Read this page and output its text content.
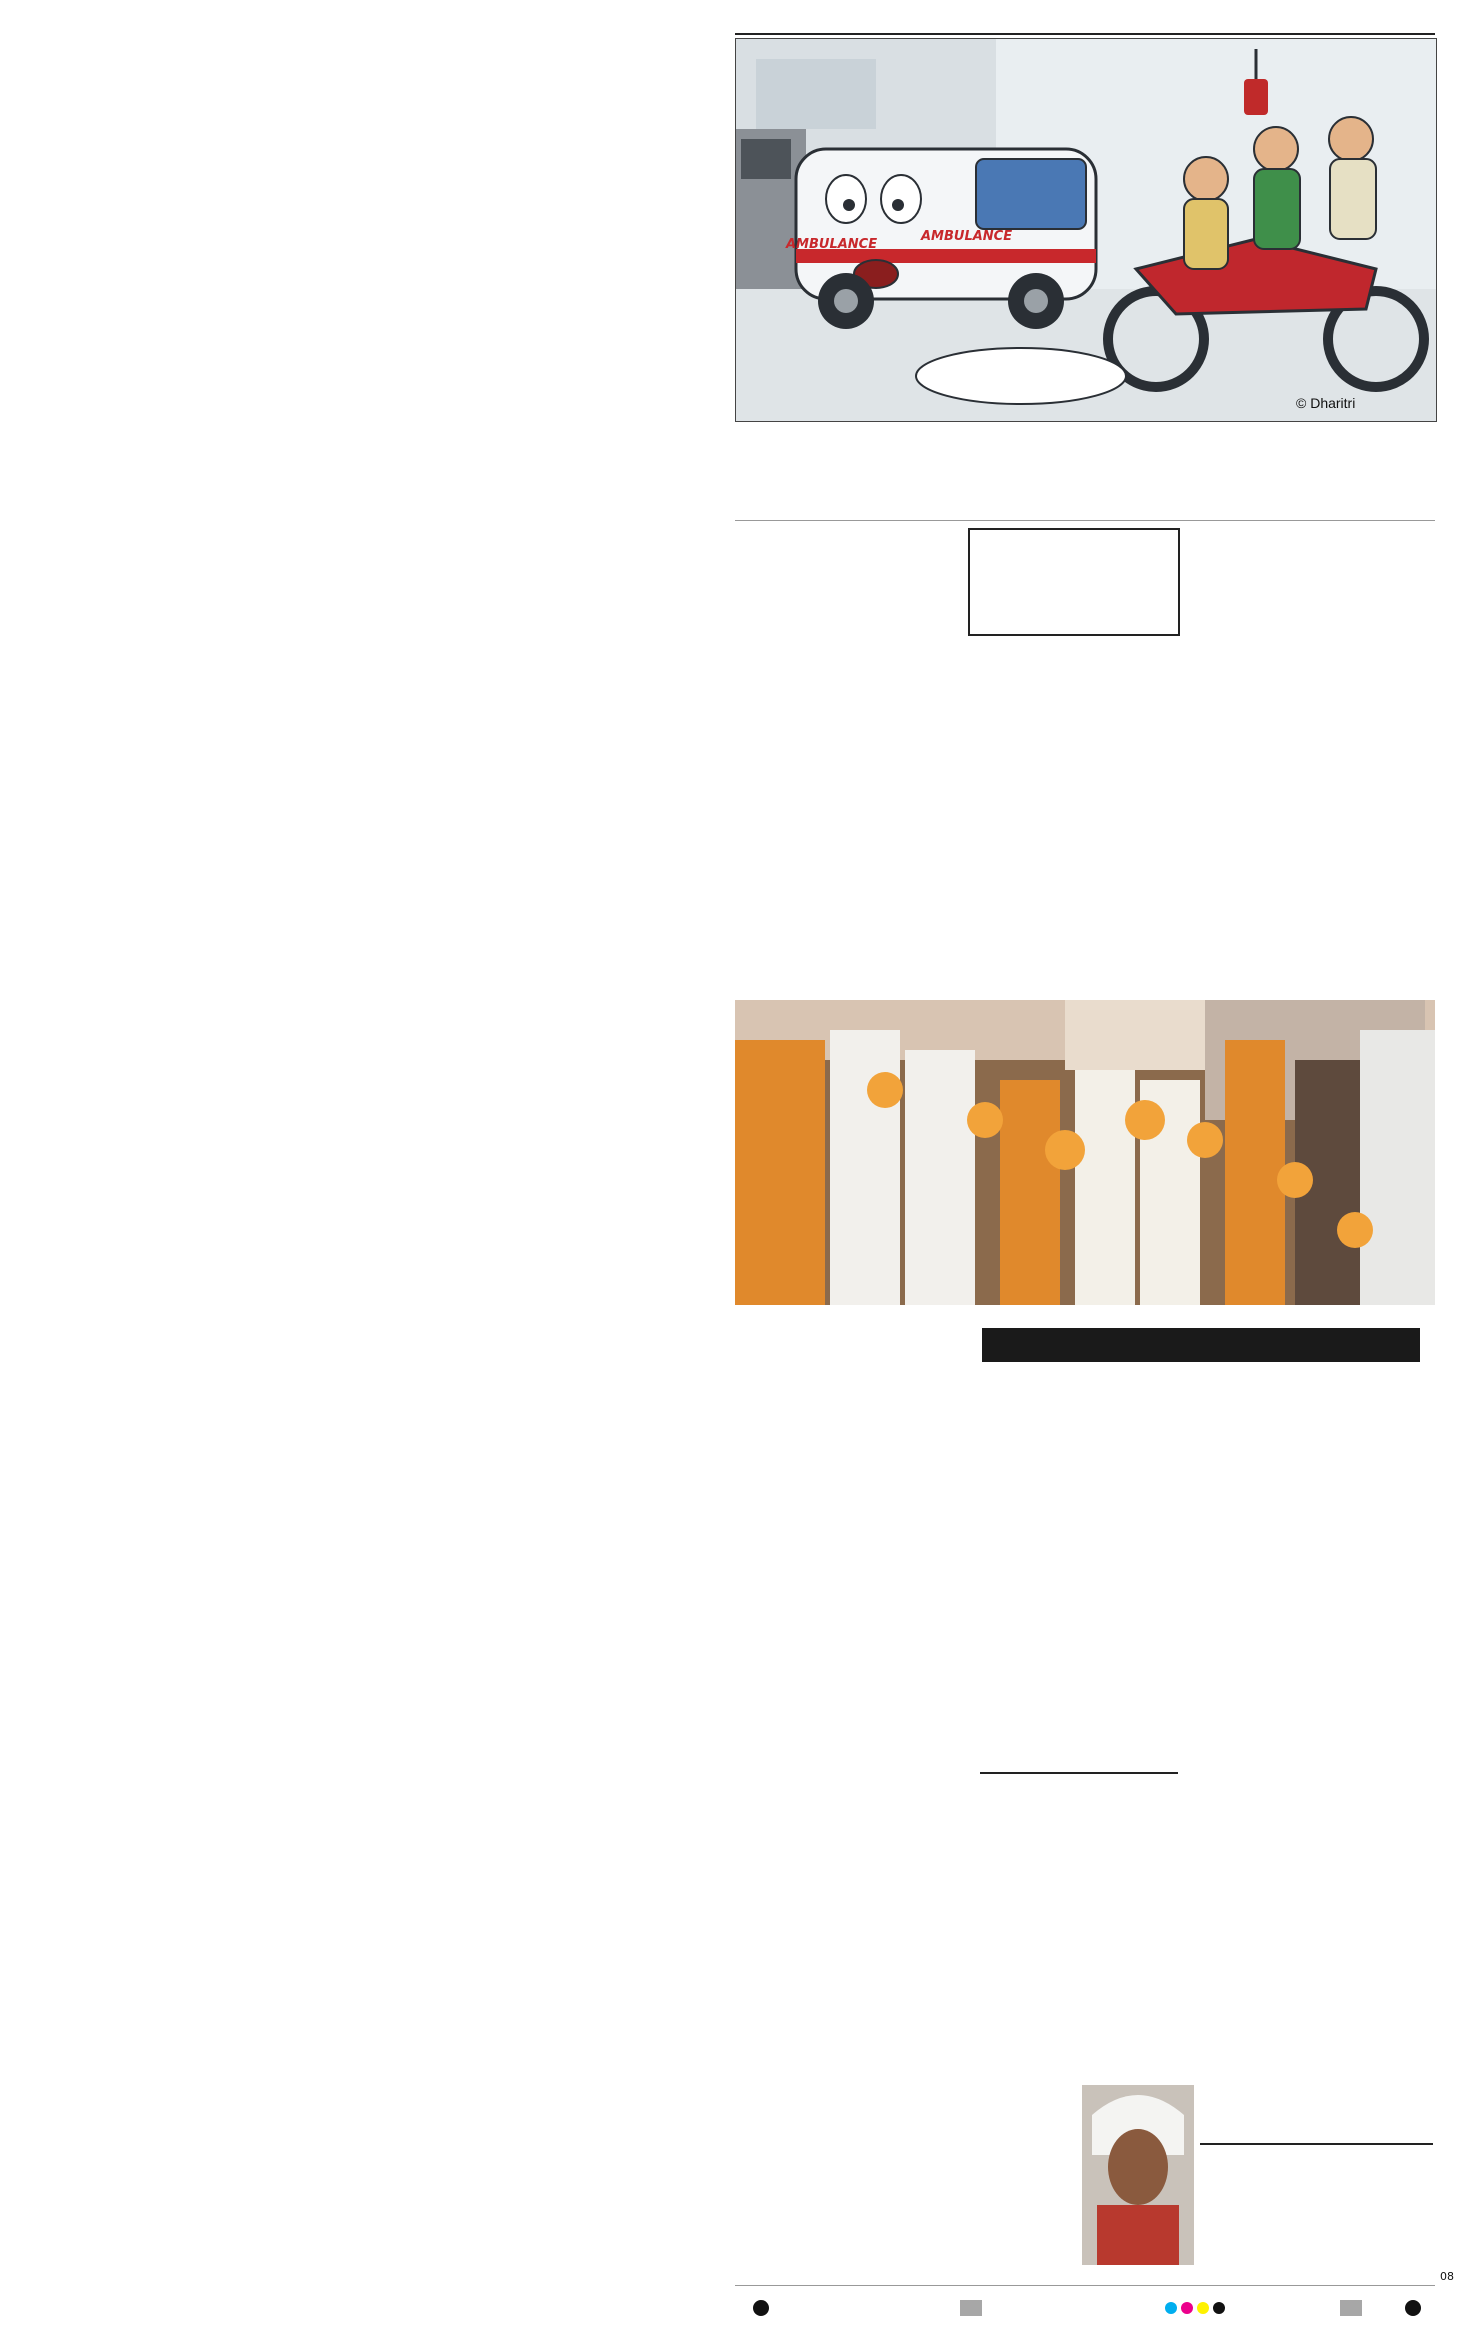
AMBULANCE
AMBULANCE
© Dharitri
08
